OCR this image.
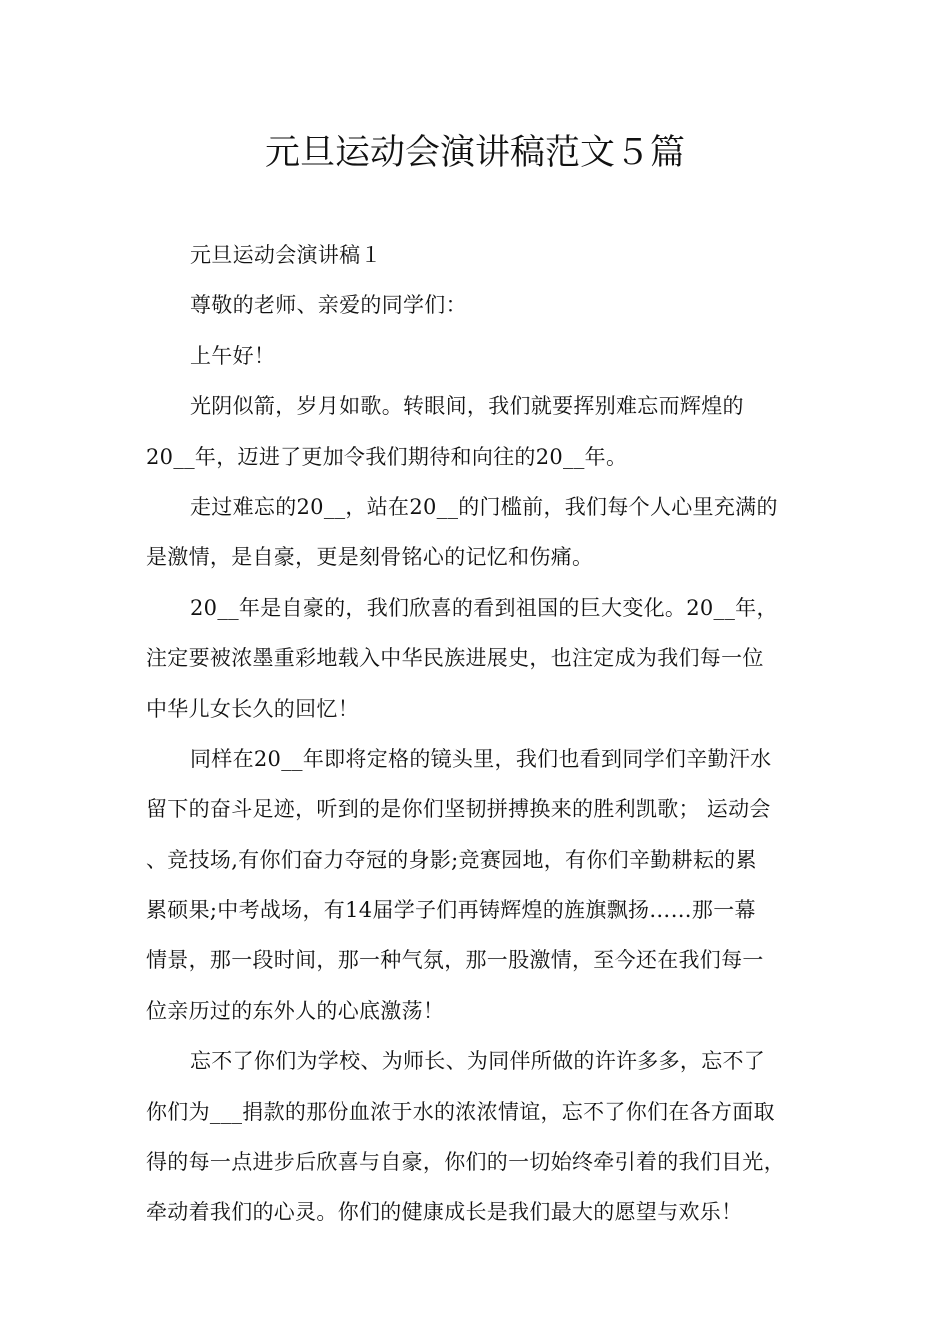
元旦运动会演讲稿范文５篇
元旦运动会演讲稿１
尊敬的老师、亲爱的同学们：
上午好！
光阴似箭，岁月如歌。转眼间，我们就要挥别难忘而辉煌的
20__年，迈进了更加令我们期待和向往的20__年。
走过难忘的20__，站在20__的门槛前，我们每个人心里充满的
是激情，是自豪，更是刻骨铭心的记忆和伤痛。
20__年是自豪的，我们欣喜的看到祖国的巨大变化。20__年，
注定要被浓墨重彩地载入中华民族进展史，也注定成为我们每一位
中华儿女长久的回忆！
同样在20__年即将定格的镜头里，我们也看到同学们辛勤汗水
留下的奋斗足迹，听到的是你们坚韧拼搏换来的胜利凯歌； 运动会
、竞技场,有你们奋力夺冠的身影;竞赛园地，有你们辛勤耕耘的累
累硕果;中考战场，有14届学子们再铸辉煌的旌旗飘扬……那一幕
情景，那一段时间，那一种气氛，那一股激情，至今还在我们每一
位亲历过的东外人的心底激荡！
忘不了你们为学校、为师长、为同伴所做的许许多多，忘不了
你们为___捐款的那份血浓于水的浓浓情谊，忘不了你们在各方面取
得的每一点进步后欣喜与自豪，你们的一切始终牵引着的我们目光，
牵动着我们的心灵。你们的健康成长是我们最大的愿望与欢乐！
